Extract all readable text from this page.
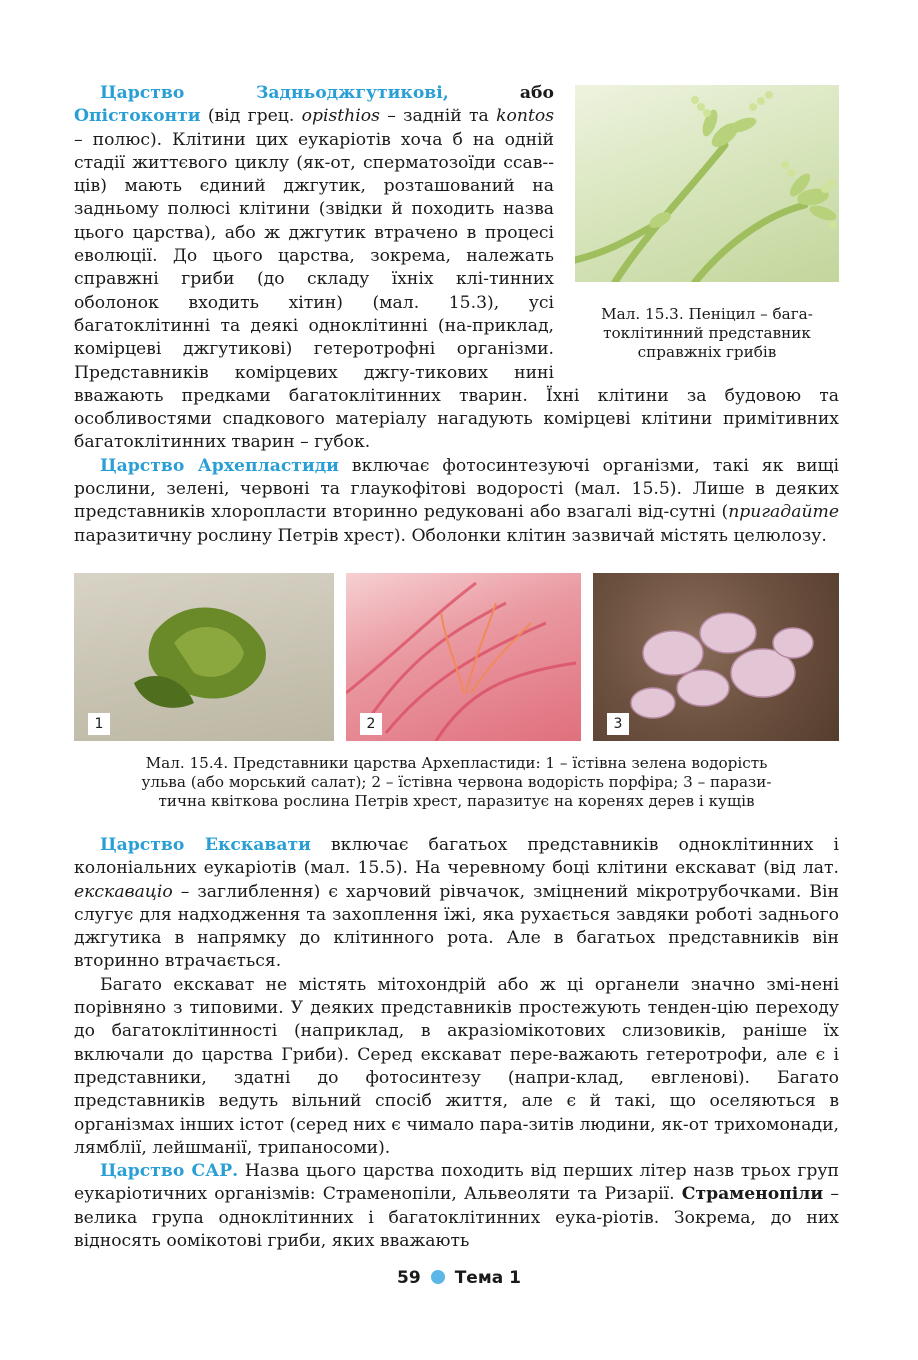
Мал. 15.3. Пеніцил – бага-
токлітинний представник
справжніх грибів

Царство Задньоджгутикові,	або Опістоконти (від грец. opisthios – задній та kontos – полюс). Клітини цих еукаріотів хоча б на одній стадії життєвого циклу (як-от, сперматозоїди ссав-ців) мають єдиний джгутик, розташований на задньому полюсі клітини (звідки й походить назва цього царства), або ж джгутик втрачено в процесі еволюції. До цього царства, зокрема, належать справжні гриби (до складу їхніх клі-тинних оболонок входить хітин) (мал. 15.3), усі багатоклітинні та деякі одноклітинні (на-приклад, комірцеві джгутикові) гетеротрофні організми. Представників комірцевих джгу-тикових нині вважають предками багатоклітинних тварин. Їхні клітини за будовою та особливостями спадкового матеріалу нагадують комірцеві клітини примітивних багатоклітинних тварин – губок.

Царство Архепластиди включає фотосинтезуючі організми, такі як вищі рослини, зелені, червоні та глаукофітові водорості (мал. 15.5). Лише в деяких представників хлоропласти вторинно редуковані або взагалі від-сутні (пригадайте паразитичну рослину Петрів хрест). Оболонки клітин зазвичай містять целюлозу.

1	2	3
Мал. 15.4. Представники царства Архепластиди: 1 – їстівна зелена водорість
ульва (або морський салат); 2 – їстівна червона водорість порфіра; 3 – парази-
тична квіткова рослина Петрів хрест, паразитує на коренях дерев і кущів

Царство Екскавати включає багатьох представників одноклітинних і колоніальних еукаріотів (мал. 15.5). На черевному боці клітини екскават (від лат. екскаваціо – заглиблення) є харчовий рівчачок, зміцнений мікротрубочками. Він слугує для надходження та захоплення їжі, яка рухається завдяки роботі заднього джгутика в напрямку до клітинного рота. Але в багатьох представників він вторинно втрачається.

Багато екскават не містять мітохондрій або ж ці органели значно змі-нені порівняно з типовими. У деяких представників простежують тенден-цію переходу до багатоклітинності (наприклад, в акразіомікотових слизовиків, раніше їх включали до царства Гриби). Серед екскават пере-важають гетеротрофи, але є і представники, здатні до фотосинтезу (напри-клад, евгленові). Багато представників ведуть вільний спосіб життя, але є й такі, що оселяються в організмах інших істот (серед них є чимало пара-зитів людини, як-от трихомонади, лямблії, лейшманії, трипаносоми).

Царство САР. Назва цього царства походить від перших літер назв трьох груп еукаріотичних організмів: Страменопіли, Альвеоляти та Ризарії. Страменопіли – велика група одноклітинних і багатоклітинних еука-ріотів. Зокрема, до них відносять оомікотові гриби, яких вважають

59 Тема 1
